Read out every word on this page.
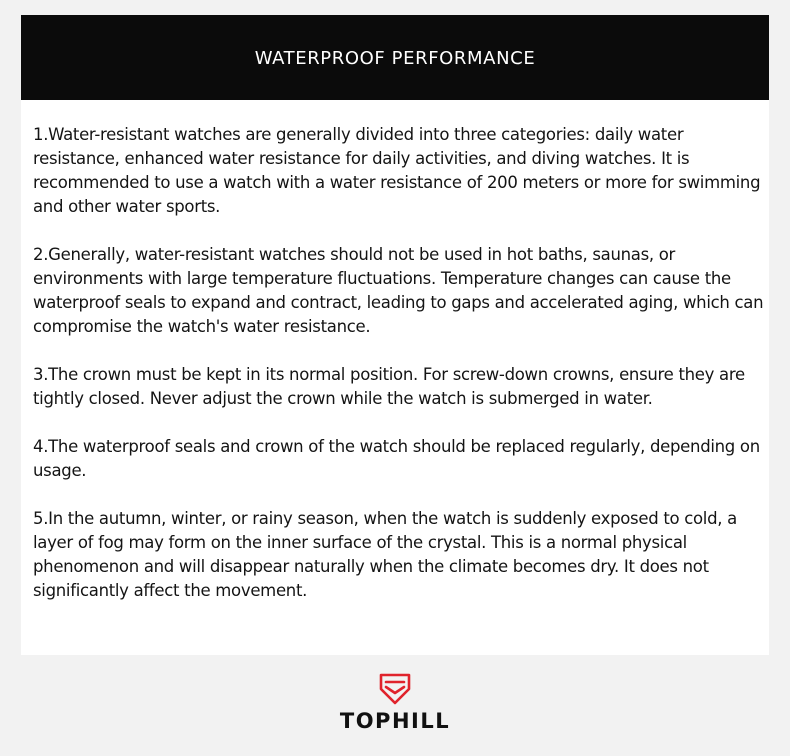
WATERPROOF PERFORMANCE

1.Water-resistant watches are generally divided into three categories: daily water resistance, enhanced water resistance for daily activities, and diving watches. It is recommended to use a watch with a water resistance of 200 meters or more for swimming and other water sports.

2.Generally, water-resistant watches should not be used in hot baths, saunas, or environments with large temperature fluctuations. Temperature changes can cause the waterproof seals to expand and contract, leading to gaps and accelerated aging, which can compromise the watch's water resistance.

3.The crown must be kept in its normal position. For screw-down crowns, ensure they are tightly closed. Never adjust the crown while the watch is submerged in water.

4.The waterproof seals and crown of the watch should be replaced regularly, depending on usage.

5.In the autumn, winter, or rainy season, when the watch is suddenly exposed to cold, a layer of fog may form on the inner surface of the crystal. This is a normal physical phenomenon and will disappear naturally when the climate becomes dry. It does not significantly affect the movement.

TOPHILL
